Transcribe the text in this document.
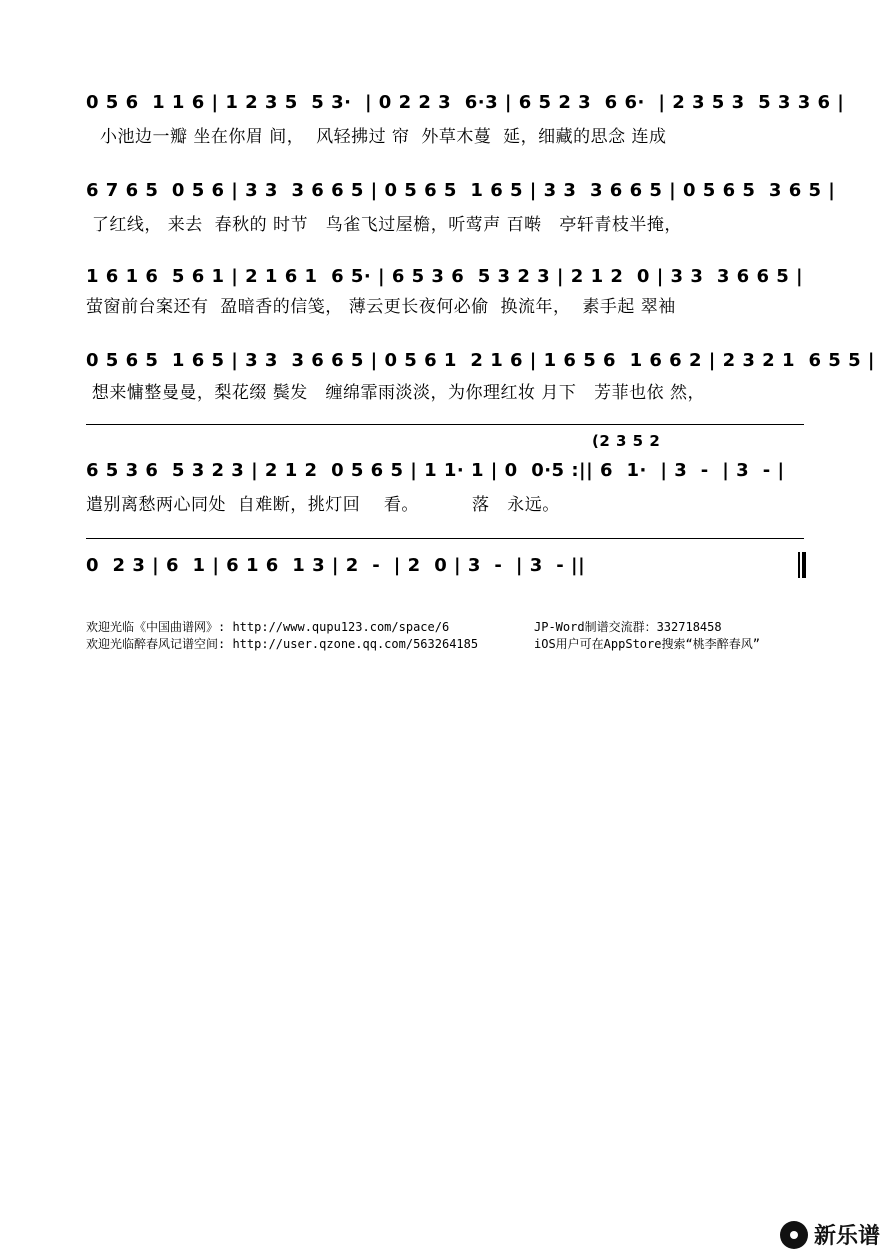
0 5 6  1 1 6 | 1 2 3 5  5 3·  | 0 2 2 3  6·3 | 6 5 2 3  6 6·  | 2 3 5 3  5 3 3 6 |
小池边一瓣 坐在你眉 间，  风轻拂过 帘  外草木蔓  延，细藏的思念 连成
6 7 6 5  0 5 6 | 3 3  3 6 6 5 | 0 5 6 5  1 6 5 | 3 3  3 6 6 5 | 0 5 6 5  3 6 5 |
了红线， 来去  春秋的 时节   鸟雀飞过屋檐，听莺声 百啭   亭轩青枝半掩，
1 6 1 6  5 6 1 | 2 1 6 1  6 5· | 6 5 3 6  5 3 2 3 | 2 1 2  0 | 3 3  3 6 6 5 |
萤窗前台案还有  盈暗香的信笺， 薄云更长夜何必偷  换流年，  素手起 翠袖
0 5 6 5  1 6 5 | 3 3  3 6 6 5 | 0 5 6 1  2 1 6 | 1 6 5 6  1 6 6 2 | 2 3 2 1  6 5 5 |
想来慵整曼曼，梨花缀 鬓发   缠绵霏雨淡淡，为你理红妆 月下   芳菲也依 然，
(2 3 5 2
6 5 3 6  5 3 2 3 | 2 1 2  0 5 6 5 | 1 1· 1 | 0  0·5 :|| 6  1·  | 3  -  | 3  - |
遣别离愁两心同处  自难断，挑灯回    看。         落   永远。
0  2 3 | 6  1 | 6 1 6  1 3 | 2  -  | 2  0 | 3  -  | 3  - ||
欢迎光临《中国曲谱网》: http://www.qupu123.com/space/6	JP-Word制谱交流群：332718458
欢迎光临醉春风记谱空间: http://user.qzone.qq.com/563264185	iOS用户可在AppStore搜索“桃李醉春风”
新乐谱
